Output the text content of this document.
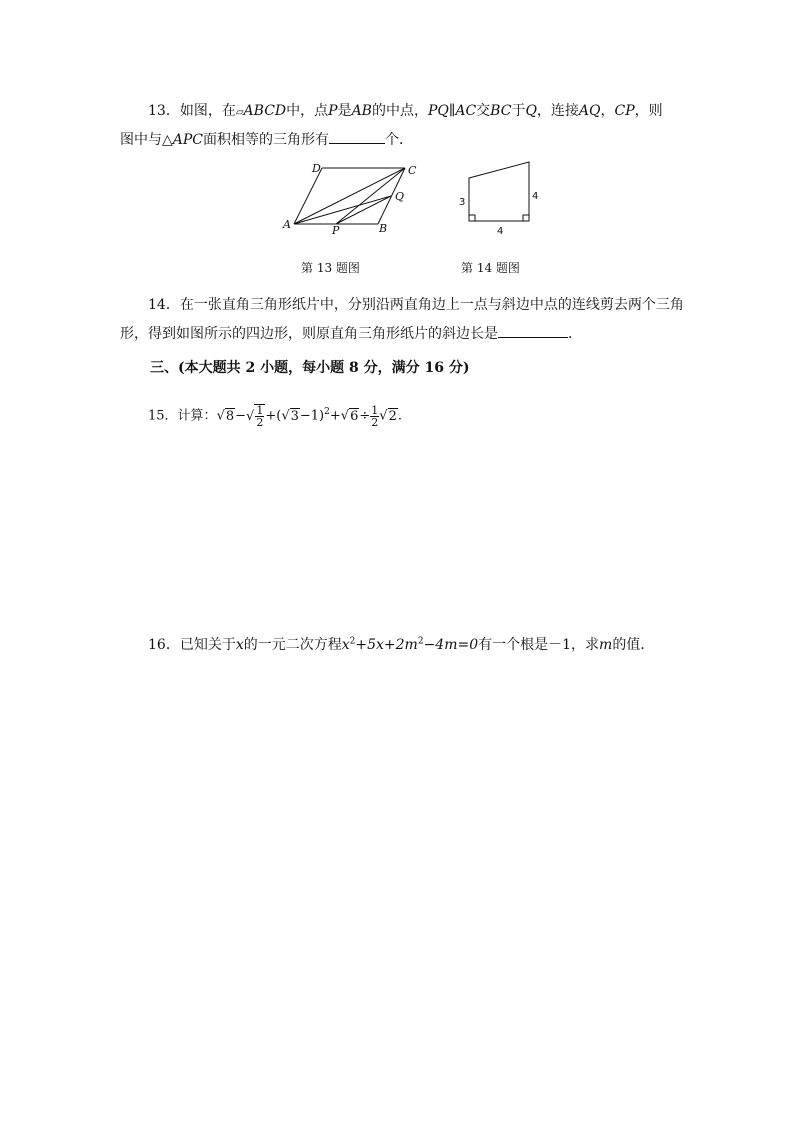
13．如图，在▱ABCD中，点P是AB的中点，PQ∥AC交BC于Q，连接AQ，CP，则
图中与△APC面积相等的三角形有	个．
A	B
C
D
P
Q	3
4
4
第 13 题图	第 14 题图
14．在一张直角三角形纸片中，分别沿两直角边上一点与斜边中点的连线剪去两个三角
形，得到如图所示的四边形，则原直角三角形纸片的斜边长是	．
三、(本大题共 2 小题，每小题 8 分，满分 16 分)
15．计算：$√8-√ \frac{1}{2} +(√3-1)^2+√6\div \frac{1}{2} √2$.
16．已知关于x的一元二次方程$x^2+5x+2m^2-4m=0$有一个根是－1，求m的值．
